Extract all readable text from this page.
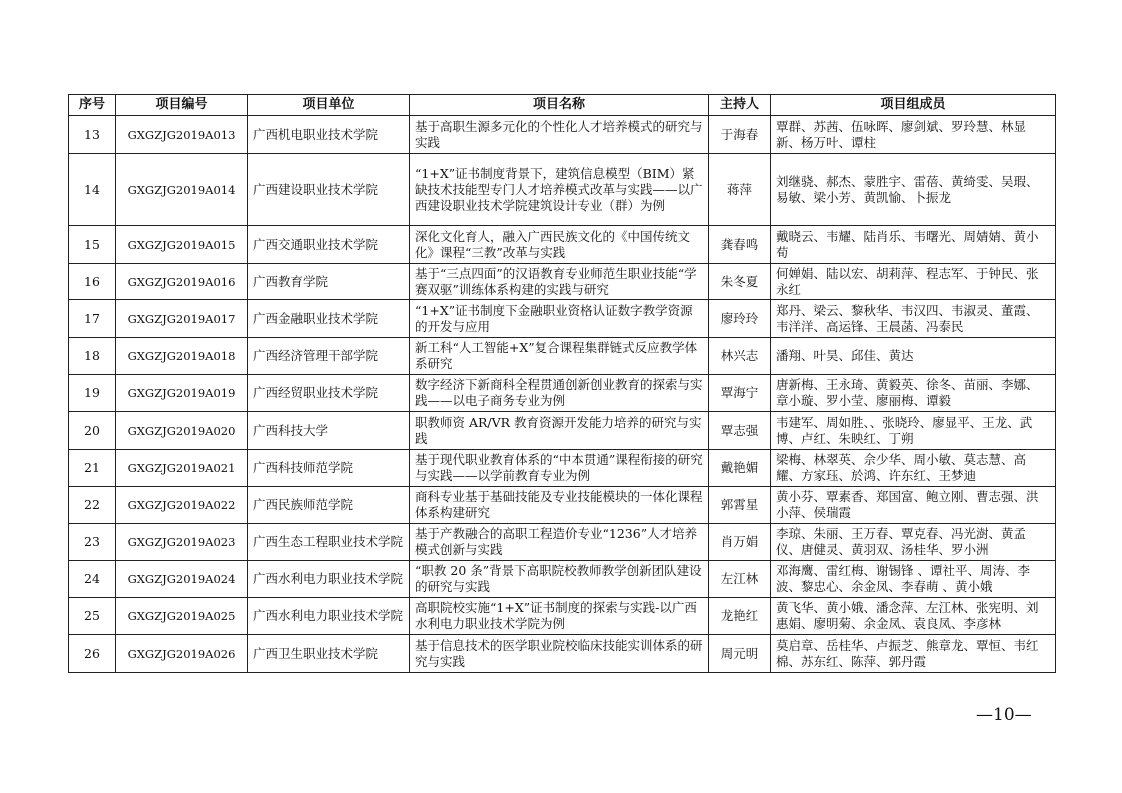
序号	项目编号	项目单位	项目名称	主持人	项目组成员
13	GXGZJG2019A013	广西机电职业技术学院	基于高职生源多元化的个性化人才培养模式的研究与实践	于海春	覃群、苏茜、伍咏晖、廖剑斌、罗玲慧、林显新、杨万叶、谭柱
14	GXGZJG2019A014	广西建设职业技术学院	“1+X”证书制度背景下，建筑信息模型（BIM）紧缺技术技能型专门人才培养模式改革与实践——以广西建设职业技术学院建筑设计专业（群）为例	蒋萍	刘继骁、郝杰、蒙胜宇、雷蓓、黄绮雯、吴瑕、易敏、梁小芳、黄凯愉、卜振龙
15	GXGZJG2019A015	广西交通职业技术学院	深化文化育人，融入广西民族文化的《中国传统文化》课程“三教”改革与实践	龚春鸣	戴晓云、韦耀、陆肖乐、韦曙光、周婧婧、黄小荀
16	GXGZJG2019A016	广西教育学院	基于“三点四面”的汉语教育专业师范生职业技能“学赛双驱”训练体系构建的实践与研究	朱冬夏	何婵娟、陆以宏、胡莉萍、程志军、于钟民、张永红
17	GXGZJG2019A017	广西金融职业技术学院	“1+X”证书制度下金融职业资格认证数字教学资源的开发与应用	廖玲玲	郑丹、梁云、黎秋华、韦汉四、韦淑灵、董霞、韦洋洋、高运锋、王晨菡、冯泰民
18	GXGZJG2019A018	广西经济管理干部学院	新工科“人工智能+X”复合课程集群链式反应教学体系研究	林兴志	潘翔、叶昊、邱佳、黄达
19	GXGZJG2019A019	广西经贸职业技术学院	数字经济下新商科全程贯通创新创业教育的探索与实践——以电子商务专业为例	覃海宁	唐新梅、王永琦、黄毅英、徐冬、苗丽、李娜、章小璇、罗小莹、廖丽梅、谭毅
20	GXGZJG2019A020	广西科技大学	职教师资 AR/VR 教育资源开发能力培养的研究与实践	覃志强	韦建军、周如胜、、张晓玲、廖显平、王龙、武博、卢红、朱映红、丁朔
21	GXGZJG2019A021	广西科技师范学院	基于现代职业教育体系的“中本贯通”课程衔接的研究与实践——以学前教育专业为例	戴艳媚	梁梅、林翠英、佘少华、周小敏、莫志慧、高耀、方家珏、於鸿、许东红、王梦迪
22	GXGZJG2019A022	广西民族师范学院	商科专业基于基础技能及专业技能模块的一体化课程体系构建研究	郭霄星	黄小芬、覃素香、郑国富、鲍立刚、曹志强、洪小萍、侯瑞霞
23	GXGZJG2019A023	广西生态工程职业技术学院	基于产教融合的高职工程造价专业“1236”人才培养模式创新与实践	肖万娟	李琼、朱丽、王万春、覃克春、冯光澍、黄孟仪、唐健灵、黄羽双、汤桂华、罗小洲
24	GXGZJG2019A024	广西水利电力职业技术学院	“职教 20 条”背景下高职院校教师教学创新团队建设的研究与实践	左江林	邓海鹰、雷红梅、谢锡锋 、谭社平、周涛、李波、黎忠心、余金凤、李春萌 、黄小娥
25	GXGZJG2019A025	广西水利电力职业技术学院	高职院校实施“1+X”证书制度的探索与实践-以广西水利电力职业技术学院为例	龙艳红	黄飞华、黄小娥、潘念萍、左江林、张宪明、刘惠娟、廖明菊、余金凤、袁良凤、李彦林
26	GXGZJG2019A026	广西卫生职业技术学院	基于信息技术的医学职业院校临床技能实训体系的研究与实践	周元明	莫启章、岳桂华、卢振芝、熊章龙、覃恒、韦红棉、苏东红、陈萍、郭丹霞
—10—
